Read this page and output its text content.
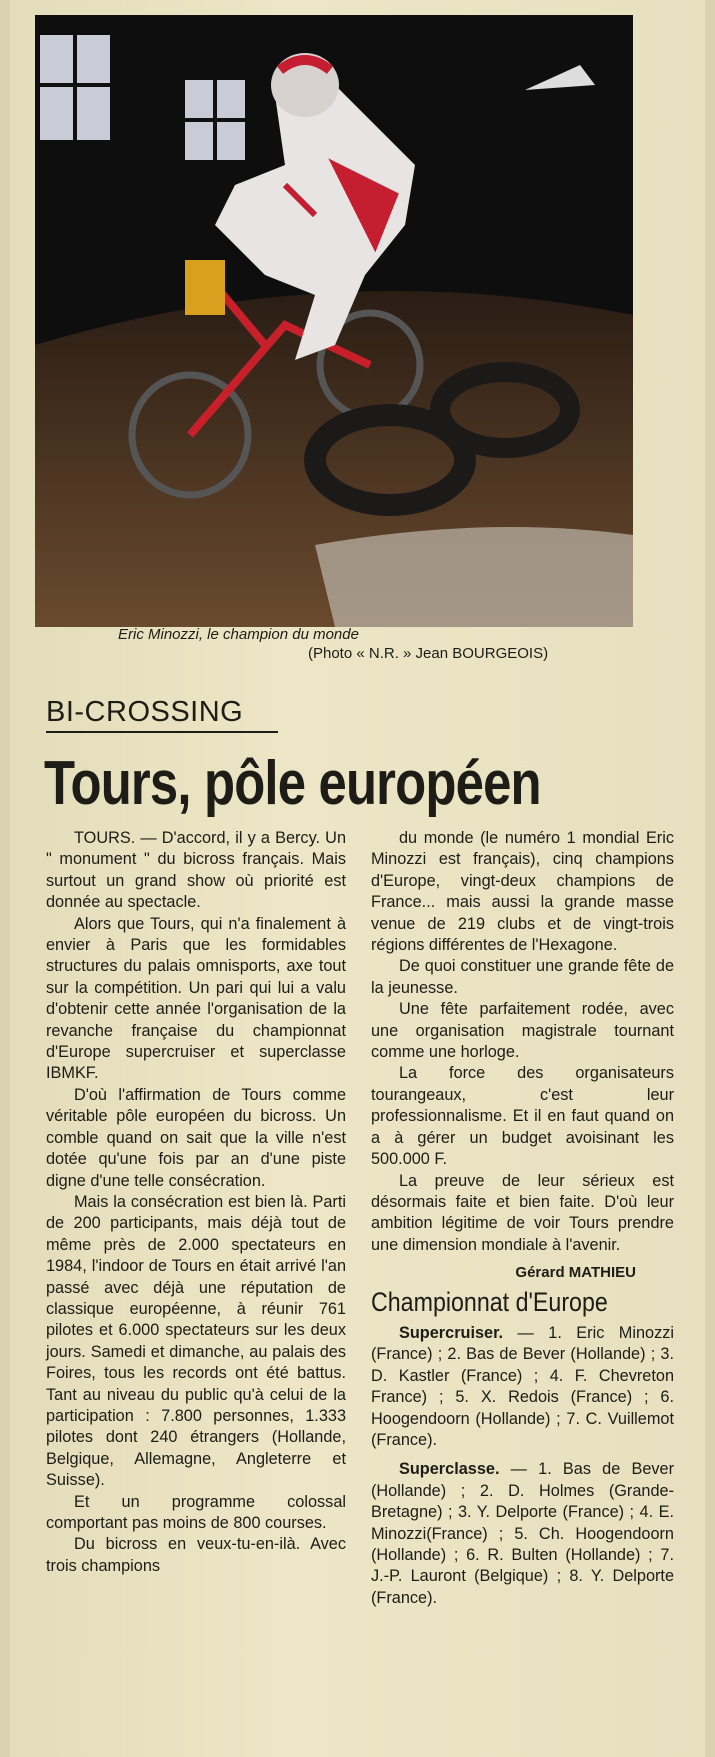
Eric Minozzi, le champion du monde
(Photo « N.R. » Jean BOURGEOIS)
BI-CROSSING
Tours, pôle européen

TOURS. — D'accord, il y a Bercy. Un " monument " du bicross français. Mais surtout un grand show où priorité est donnée au spectacle.

Alors que Tours, qui n'a finalement à envier à Paris que les formidables structures du palais omnisports, axe tout sur la compétition. Un pari qui lui a valu d'obtenir cette année l'organisation de la revanche française du championnat d'Europe supercruiser et superclasse IBMKF.

D'où l'affirmation de Tours comme véritable pôle européen du bicross. Un comble quand on sait que la ville n'est dotée qu'une fois par an d'une piste digne d'une telle consécration.

Mais la consécration est bien là. Parti de 200 participants, mais déjà tout de même près de 2.000 spectateurs en 1984, l'indoor de Tours en était arrivé l'an passé avec déjà une réputation de classique européenne, à réunir 761 pilotes et 6.000 spectateurs sur les deux jours. Samedi et dimanche, au palais des Foires, tous les records ont été battus. Tant au niveau du public qu'à celui de la participation : 7.800 personnes, 1.333 pilotes dont 240 étrangers (Hollande, Belgique, Allemagne, Angleterre et Suisse).

Et un programme colossal comportant pas moins de 800 courses.

Du bicross en veux-tu-en-ilà. Avec trois champions

du monde (le numéro 1 mondial Eric Minozzi est français), cinq champions d'Europe, vingt-deux champions de France... mais aussi la grande masse venue de 219 clubs et de vingt-trois régions différentes de l'Hexagone.

De quoi constituer une grande fête de la jeunesse.

Une fête parfaitement rodée, avec une organisation magistrale tournant comme une horloge.

La force des organisateurs tourangeaux, c'est leur professionnalisme. Et il en faut quand on a à gérer un budget avoisinant les 500.000 F.

La preuve de leur sérieux est désormais faite et bien faite. D'où leur ambition légitime de voir Tours prendre une dimension mondiale à l'avenir.

Gérard MATHIEU

Championnat d'Europe

Supercruiser. — 1. Eric Minozzi (France) ; 2. Bas de Bever (Hollande) ; 3. D. Kastler (France) ; 4. F. Chevreton France) ; 5. X. Redois (France) ; 6. Hoogendoorn (Hollande) ; 7. C. Vuillemot (France).

Superclasse. — 1. Bas de Bever (Hollande) ; 2. D. Holmes (Grande-Bretagne) ; 3. Y. Delporte (France) ; 4. E. Minozzi(France) ; 5. Ch. Hoogendoorn (Hollande) ; 6. R. Bulten (Hollande) ; 7. J.-P. Lauront (Belgique) ; 8. Y. Delporte (France).
